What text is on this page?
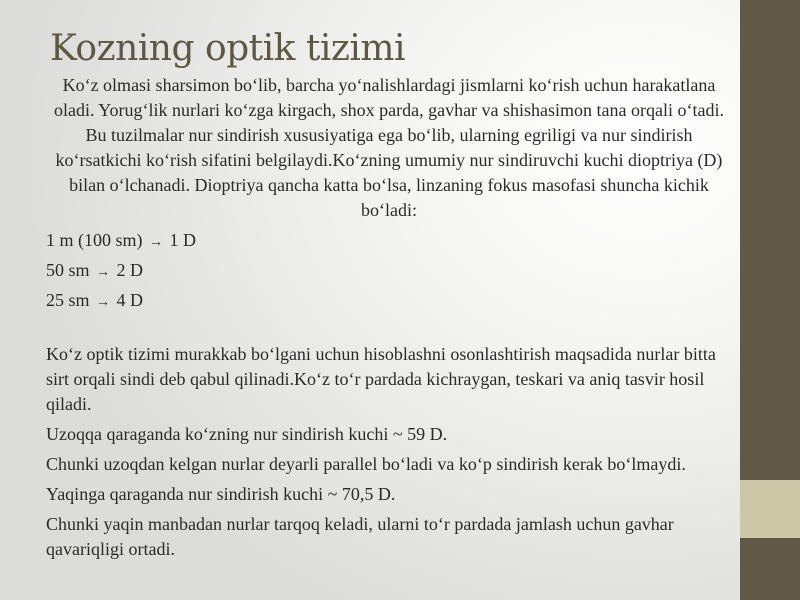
Kozning optik tizimi

Ko‘z olmasi sharsimon bo‘lib, barcha yo‘nalishlardagi jismlarni ko‘rish uchun harakatlana oladi. Yorug‘lik nurlari ko‘zga kirgach, shox parda, gavhar va shishasimon tana orqali o‘tadi. Bu tuzilmalar nur sindirish xususiyatiga ega bo‘lib, ularning egriligi va nur sindirish ko‘rsatkichi ko‘rish sifatini belgilaydi.Ko‘zning umumiy nur sindiruvchi kuchi dioptriya (D) bilan o‘lchanadi. Dioptriya qancha katta bo‘lsa, linzaning fokus masofasi shuncha kichik bo‘ladi:

1 m (100 sm) → 1 D

50 sm → 2 D

25 sm → 4 D

Ko‘z optik tizimi murakkab bo‘lgani uchun hisoblashni osonlashtirish maqsadida nurlar bitta sirt orqali sindi deb qabul qilinadi.Ko‘z to‘r pardada kichraygan, teskari va aniq tasvir hosil qiladi.

Uzoqqa qaraganda ko‘zning nur sindirish kuchi ~ 59 D.

Chunki uzoqdan kelgan nurlar deyarli parallel bo‘ladi va ko‘p sindirish kerak bo‘lmaydi.

Yaqinga qaraganda nur sindirish kuchi ~ 70,5 D.

Chunki yaqin manbadan nurlar tarqoq keladi, ularni to‘r pardada jamlash uchun gavhar qavariqligi ortadi.
